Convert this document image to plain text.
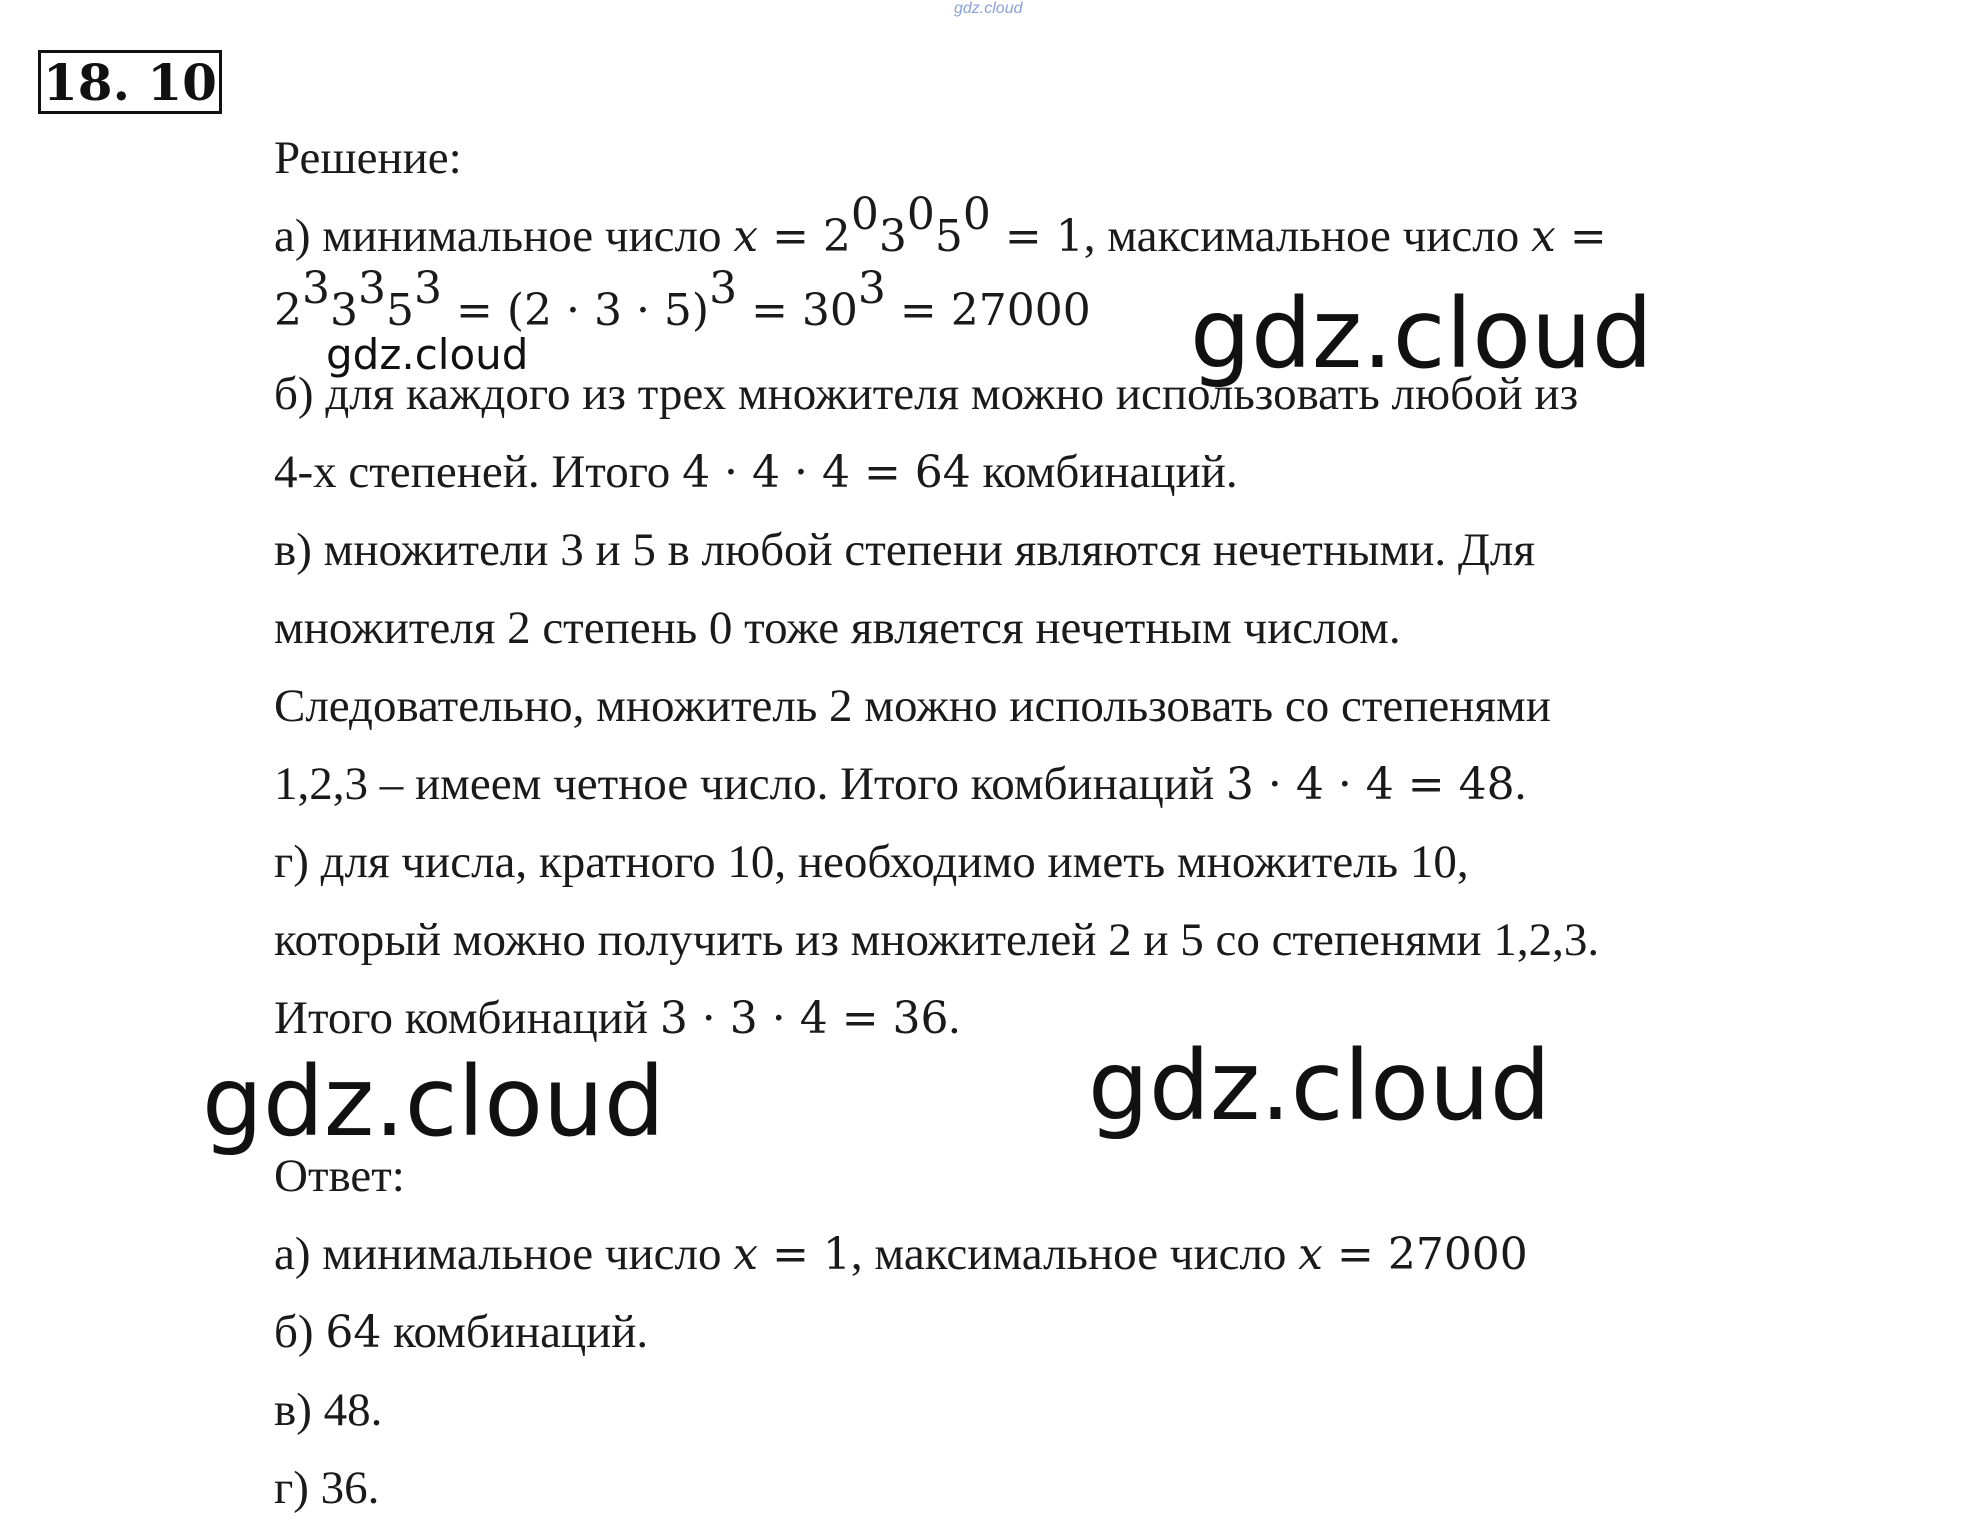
gdz.cloud
18. 10
Решение:
а) минимальное число $x = 2^03^05^0 = 1$, максимальное число x =
$2^33^35^3 = (2 \cdot 3 \cdot 5)^3 = 30^3 = 27000$
б) для каждого из трех множителя можно использовать любой из
4-х степеней. Итого 4 · 4 · 4 = 64 комбинаций.
в) множители 3 и 5 в любой степени являются нечетными. Для
множителя 2 степень 0 тоже является нечетным числом.
Следовательно, множитель 2 можно использовать со степенями
1,2,3 – имеем четное число. Итого комбинаций 3 · 4 · 4 = 48.
г) для числа, кратного 10, необходимо иметь множитель 10,
который можно получить из множителей 2 и 5 со степенями 1,2,3.
Итого комбинаций 3 · 3 · 4 = 36.
Ответ:
а) минимальное число x = 1, максимальное число x = 27000
б) 64 комбинаций.
в) 48.
г) 36.
gdz.cloud
gdz.cloud
gdz.cloud	gdz.cloud
